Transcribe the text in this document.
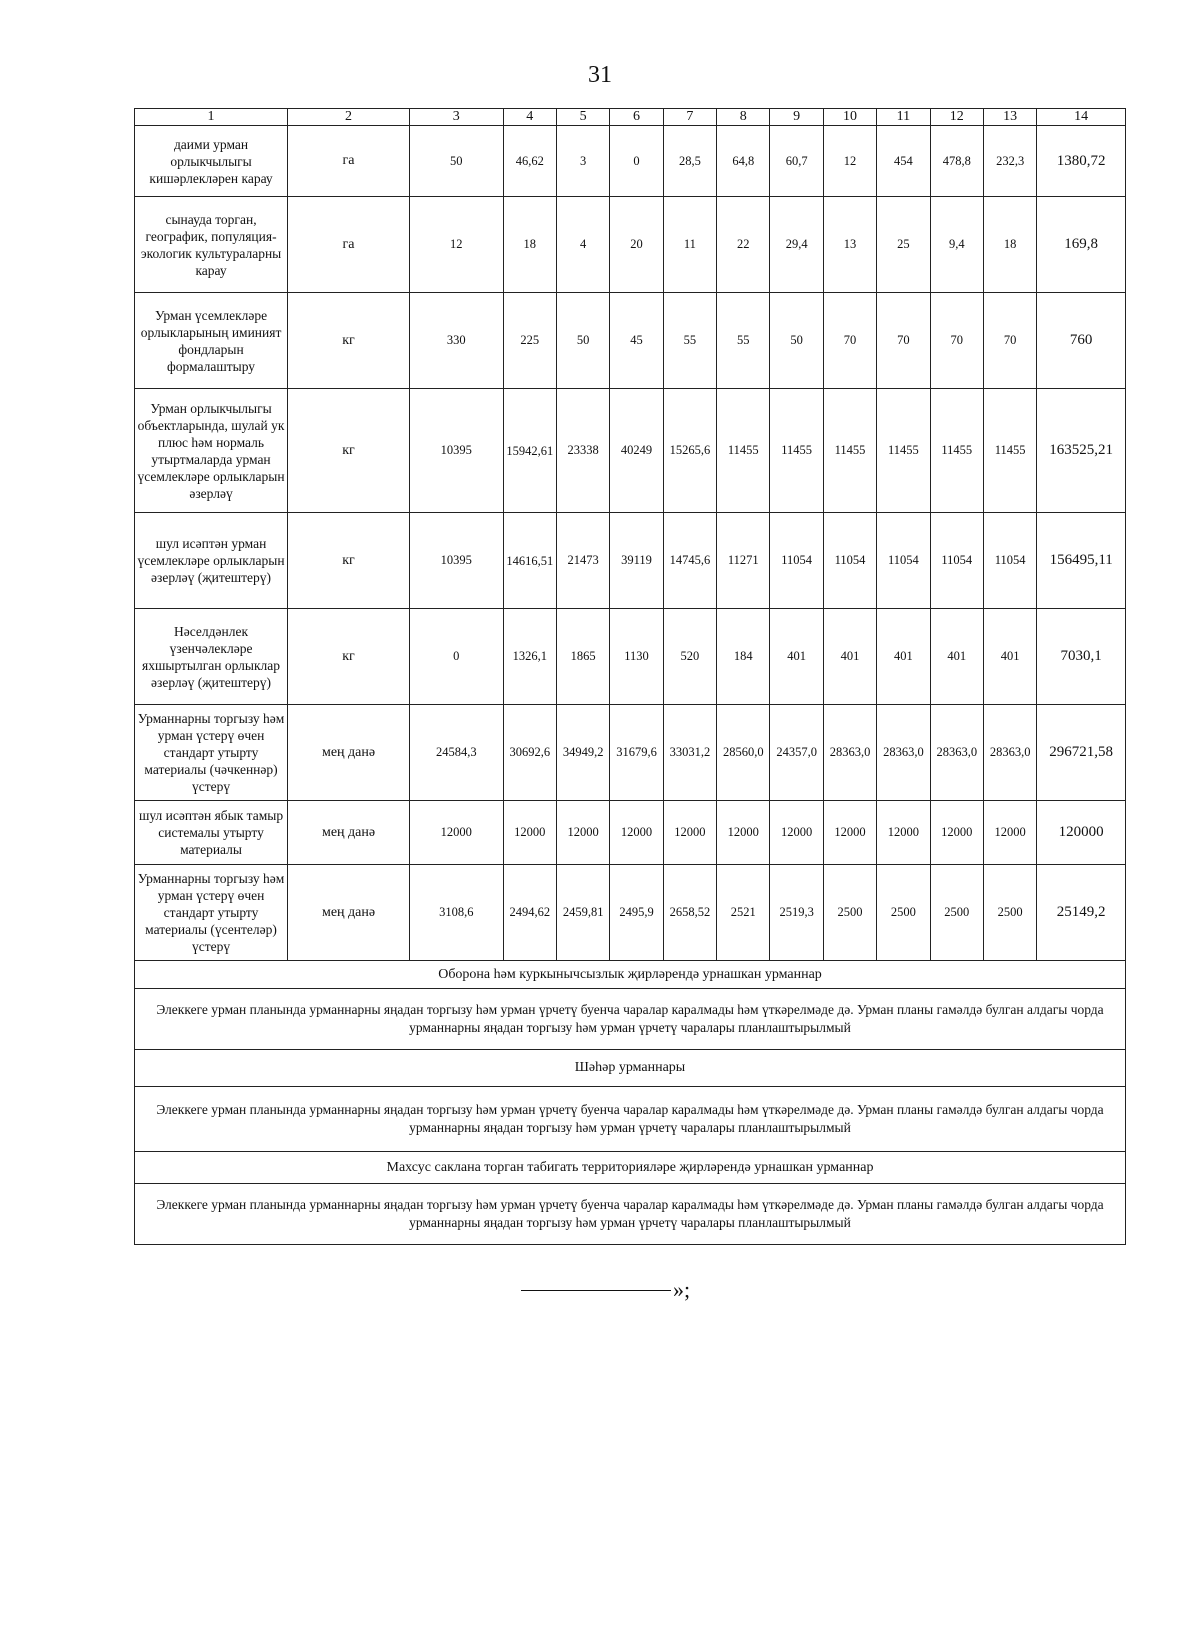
31
1	2	3	4	5	6	7	8	9	10	11	12	13	14
даими урман орлыкчылыгы кишәрлекләрен карау	га	50	46,62	3	0	28,5	64,8	60,7	12	454	478,8	232,3	1380,72
сынауда торган, географик, популяция-экологик культураларны карау	га	12	18	4	20	11	22	29,4	13	25	9,4	18	169,8
Урман үсемлекләре орлыкларының иминият фондларын формалаштыру	кг	330	225	50	45	55	55	50	70	70	70	70	760
Урман орлыкчылыгы объектларында, шулай ук плюс һәм нормаль утыртмаларда урман үсемлекләре орлыкларын әзерләү	кг	10395	15942,61	23338	40249	15265,6	11455	11455	11455	11455	11455	11455	163525,21
шул исәптән урман үсемлекләре орлыкларын әзерләү (җитештерү)	кг	10395	14616,51	21473	39119	14745,6	11271	11054	11054	11054	11054	11054	156495,11
Нәселдәнлек үзенчәлекләре яхшыртылган орлыклар әзерләү (җитештерү)	кг	0	1326,1	1865	1130	520	184	401	401	401	401	401	7030,1
Урманнарны торгызу һәм урман үстерү өчен стандарт утырту материалы (чәчкеннәр) үстерү	мең данә	24584,3	30692,6	34949,2	31679,6	33031,2	28560,0	24357,0	28363,0	28363,0	28363,0	28363,0	296721,58
шул исәптән ябык тамыр системалы утырту материалы	мең данә	12000	12000	12000	12000	12000	12000	12000	12000	12000	12000	12000	120000
Урманнарны торгызу һәм урман үстерү өчен стандарт утырту материалы (үсентеләр) үстерү	мең данә	3108,6	2494,62	2459,81	2495,9	2658,52	2521	2519,3	2500	2500	2500	2500	25149,2
Оборона һәм куркынычсызлык җирләрендә урнашкан урманнар													
Элеккеге урман планында урманнарны яңадан торгызу һәм урман үрчетү буенча чаралар каралмады һәм үткәрелмәде дә. Урман планы гамәлдә булган алдагы чорда урманнарны яңадан торгызу һәм урман үрчетү чаралары планлаштырылмый													
Шәһәр урманнары													
Элеккеге урман планында урманнарны яңадан торгызу һәм урман үрчетү буенча чаралар каралмады һәм үткәрелмәде дә. Урман планы гамәлдә булган алдагы чорда урманнарны яңадан торгызу һәм урман үрчетү чаралары планлаштырылмый													
Махсус саклана торган табигать территорияләре җирләрендә урнашкан урманнар													
Элеккеге урман планында урманнарны яңадан торгызу һәм урман үрчетү буенча чаралар каралмады һәм үткәрелмәде дә. Урман планы гамәлдә булган алдагы чорда урманнарны яңадан торгызу һәм урман үрчетү чаралары планлаштырылмый													
»;
